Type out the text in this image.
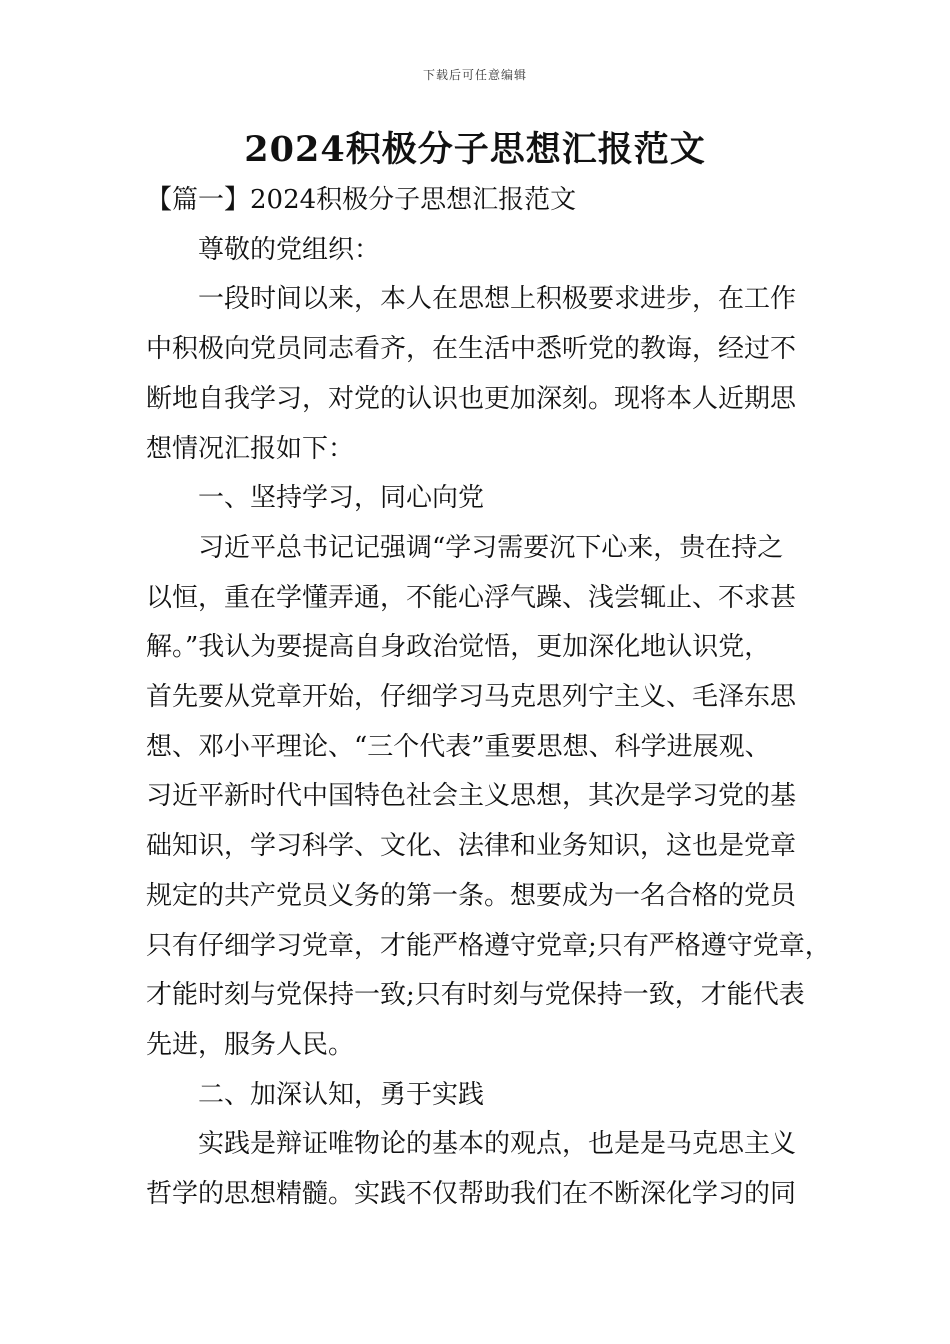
下载后可任意编辑
2024积极分子思想汇报范文
【篇一】2024积极分子思想汇报范文
尊敬的党组织：
一段时间以来，本人在思想上积极要求进步，在工作
中积极向党员同志看齐，在生活中悉听党的教诲，经过不
断地自我学习，对党的认识也更加深刻。现将本人近期思
想情况汇报如下：
一、坚持学习，同心向党
习近平总书记记强调“学习需要沉下心来，贵在持之
以恒，重在学懂弄通，不能心浮气躁、浅尝辄止、不求甚
解。”我认为要提高自身政治觉悟，更加深化地认识党，
首先要从党章开始，仔细学习马克思列宁主义、毛泽东思
想、邓小平理论、“三个代表”重要思想、科学进展观、
习近平新时代中国特色社会主义思想，其次是学习党的基
础知识，学习科学、文化、法律和业务知识，这也是党章
规定的共产党员义务的第一条。想要成为一名合格的党员
只有仔细学习党章，才能严格遵守党章;只有严格遵守党章，
才能时刻与党保持一致;只有时刻与党保持一致，才能代表
先进，服务人民。
二、加深认知，勇于实践
实践是辩证唯物论的基本的观点，也是是马克思主义
哲学的思想精髓。实践不仅帮助我们在不断深化学习的同
